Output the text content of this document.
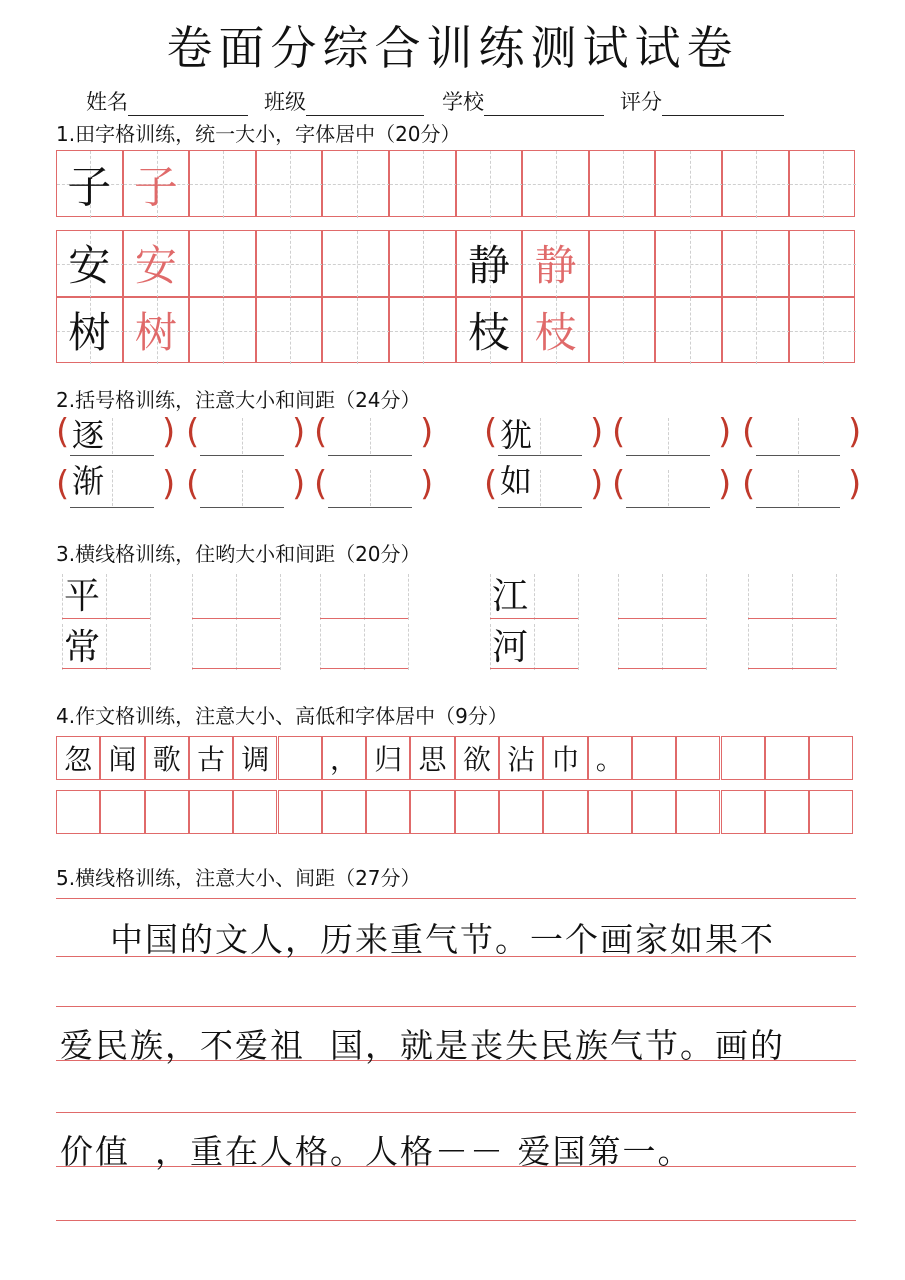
卷面分综合训练测试试卷
姓名	班级	学校	评分
1.田字格训练，统一大小，字体居中（20分）
子 子
安 安	静 静
树 树	枝 枝
2.括号格训练，注意大小和间距（24分）
(	)
逐渐
(	) (	) (	)
犹如
(	) (	)
(	) (	) (	) (	) (	) (	)
3.横线格训练，住哟大小和间距（20分）
平常
江河
4.作文格训练，注意大小、高低和字体居中（9分）
忽 闻 歌 古 调 ， 归 思 欲 沾 巾 。
5.横线格训练，注意大小、间距（27分）
中国的文人，历来重气节。一个画家如果不
爱民族，不爱祖  国，就是丧失民族气节。画的
价值  ，重在人格。人格－－ 爱国第一。
